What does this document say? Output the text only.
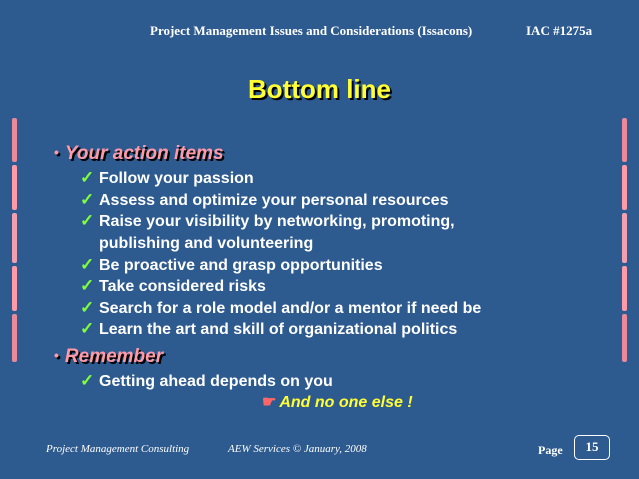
Project Management Issues and Considerations (Issacons)	IAC #1275a
Bottom line
• Your action items
✓ Follow your passion
✓ Assess and optimize your personal resources
✓ Raise your visibility by networking, promoting,
publishing and volunteering
✓ Be proactive and grasp opportunities
✓ Take considered risks
✓ Search for a role model and/or a mentor if need be
✓ Learn the art and skill of organizational politics
• Remember
✓ Getting ahead depends on you
☛ And no one else !
Project Management Consulting	AEW Services © January, 2008	Page	15
